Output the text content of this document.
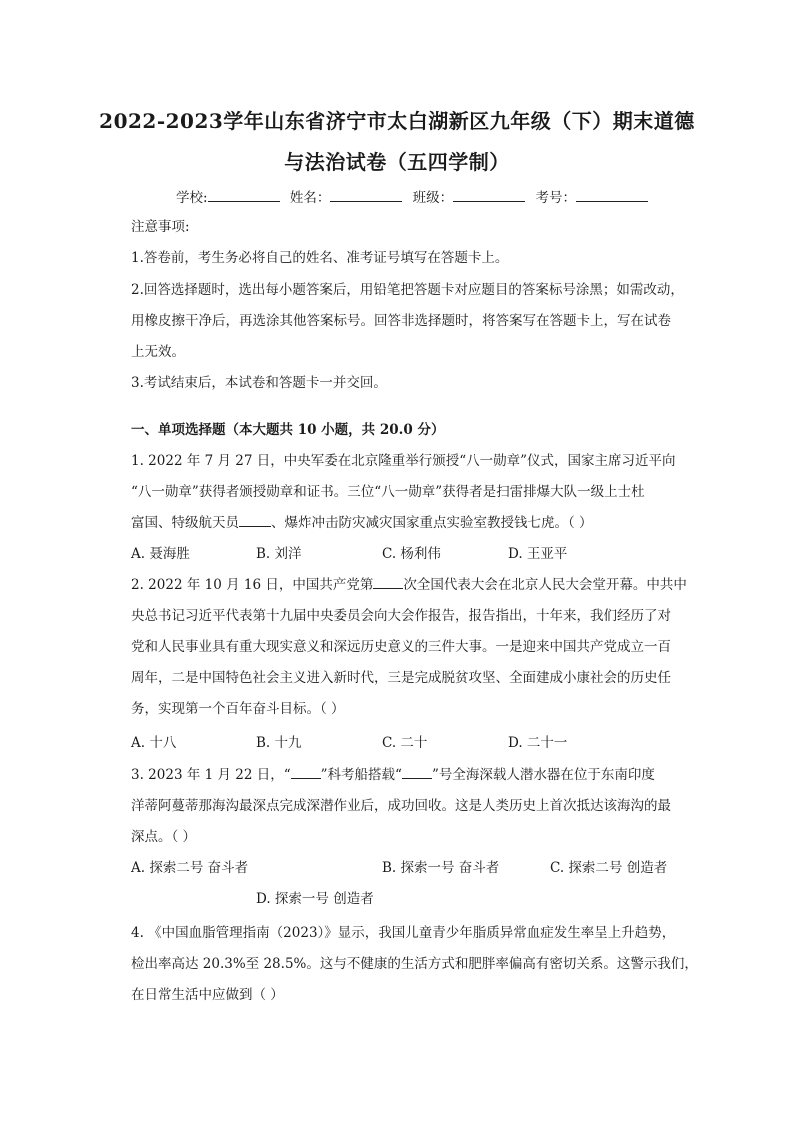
2022-2023学年山东省济宁市太白湖新区九年级（下）期末道德
与法治试卷（五四学制）
学校:	姓名：	班级：	考号：
注意事项:
1.答卷前，考生务必将自己的姓名、准考证号填写在答题卡上。
2.回答选择题时，选出每小题答案后，用铅笔把答题卡对应题目的答案标号涂黑；如需改动，
用橡皮擦干净后，再选涂其他答案标号。回答非选择题时，将答案写在答题卡上，写在试卷
上无效。
3.考试结束后，本试卷和答题卡一并交回。
一、单项选择题（本大题共 10 小题，共 20.0 分）
1. 2022 年 7 月 27 日，中央军委在北京隆重举行颁授“八一勋章”仪式，国家主席习近平向
“八一勋章”获得者颁授勋章和证书。三位“八一勋章”获得者是扫雷排爆大队一级上士杜
富国、特级航天员 、爆炸冲击防灾减灾国家重点实验室教授钱七虎。（ ）
A. 聂海胜	B. 刘洋	C. 杨利伟	D. 王亚平
2. 2022 年 10 月 16 日，中国共产党第 次全国代表大会在北京人民大会堂开幕。中共中
央总书记习近平代表第十九届中央委员会向大会作报告，报告指出，十年来，我们经历了对
党和人民事业具有重大现实意义和深远历史意义的三件大事。一是迎来中国共产党成立一百
周年，二是中国特色社会主义进入新时代，三是完成脱贫攻坚、全面建成小康社会的历史任
务，实现第一个百年奋斗目标。（ ）
A. 十八	B. 十九	C. 二十	D. 二十一
3. 2023 年 1 月 22 日，“ ”科考船搭载“ ”号全海深载人潜水器在位于东南印度
洋蒂阿蔓蒂那海沟最深点完成深潜作业后，成功回收。这是人类历史上首次抵达该海沟的最
深点。（ ）
A. 探索二号 奋斗者	B. 探索一号 奋斗者	C. 探索二号 创造者
D. 探索一号 创造者
4. 《中国血脂管理指南（2023）》显示，我国儿童青少年脂质异常血症发生率呈上升趋势，
检出率高达 20.3%至 28.5%。这与不健康的生活方式和肥胖率偏高有密切关系。这警示我们，
在日常生活中应做到（ ）
